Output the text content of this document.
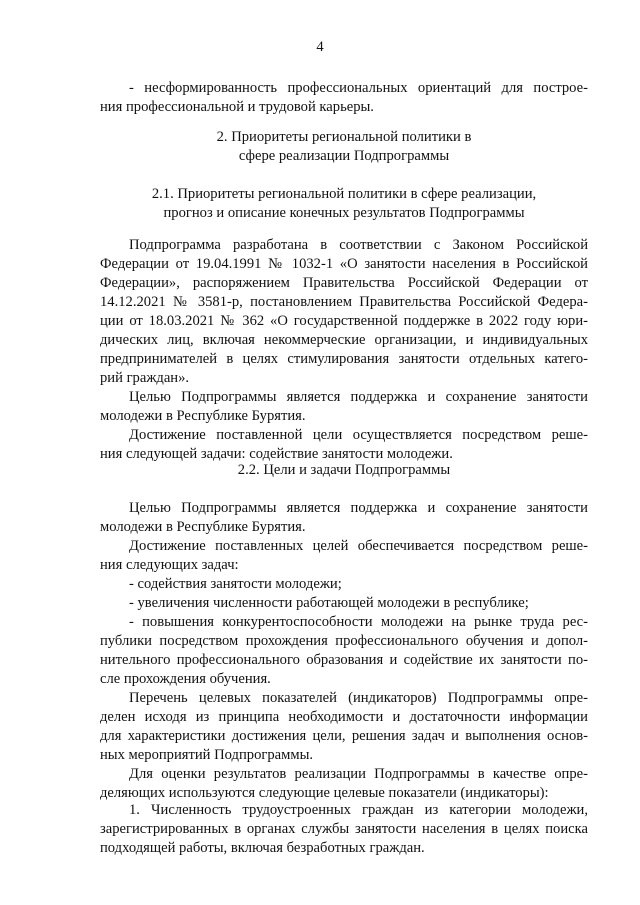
4
- несформированность профессиональных ориентаций для построе-
ния профессиональной и трудовой карьеры.
2. Приоритеты региональной политики в
сфере реализации Подпрограммы
2.1. Приоритеты региональной политики в сфере реализации,
прогноз и описание конечных результатов Подпрограммы
Подпрограмма разработана в соответствии с Законом Российской
Федерации от 19.04.1991 № 1032-1 «О занятости населения в Российской
Федерации», распоряжением Правительства Российской Федерации от
14.12.2021 № 3581-р, постановлением Правительства Российской Федера-
ции от 18.03.2021 № 362 «О государственной поддержке в 2022 году юри-
дических лиц, включая некоммерческие организации, и индивидуальных
предпринимателей в целях стимулирования занятости отдельных катего-
рий граждан».
Целью Подпрограммы является поддержка и сохранение занятости
молодежи в Республике Бурятия.
Достижение поставленной цели осуществляется посредством реше-
ния следующей задачи: содействие занятости молодежи.
2.2. Цели и задачи Подпрограммы
Целью Подпрограммы является поддержка и сохранение занятости
молодежи в Республике Бурятия.
Достижение поставленных целей обеспечивается посредством реше-
ния следующих задач:
- содействия занятости молодежи;
- увеличения численности работающей молодежи в республике;
- повышения конкурентоспособности молодежи на рынке труда рес-
публики посредством прохождения профессионального обучения и допол-
нительного профессионального образования и содействие их занятости по-
сле прохождения обучения.
Перечень целевых показателей (индикаторов) Подпрограммы опре-
делен исходя из принципа необходимости и достаточности информации
для характеристики достижения цели, решения задач и выполнения основ-
ных мероприятий Подпрограммы.
Для оценки результатов реализации Подпрограммы в качестве опре-
деляющих используются следующие целевые показатели (индикаторы):
1. Численность трудоустроенных граждан из категории молодежи,
зарегистрированных в органах службы занятости населения в целях поиска
подходящей работы, включая безработных граждан.
